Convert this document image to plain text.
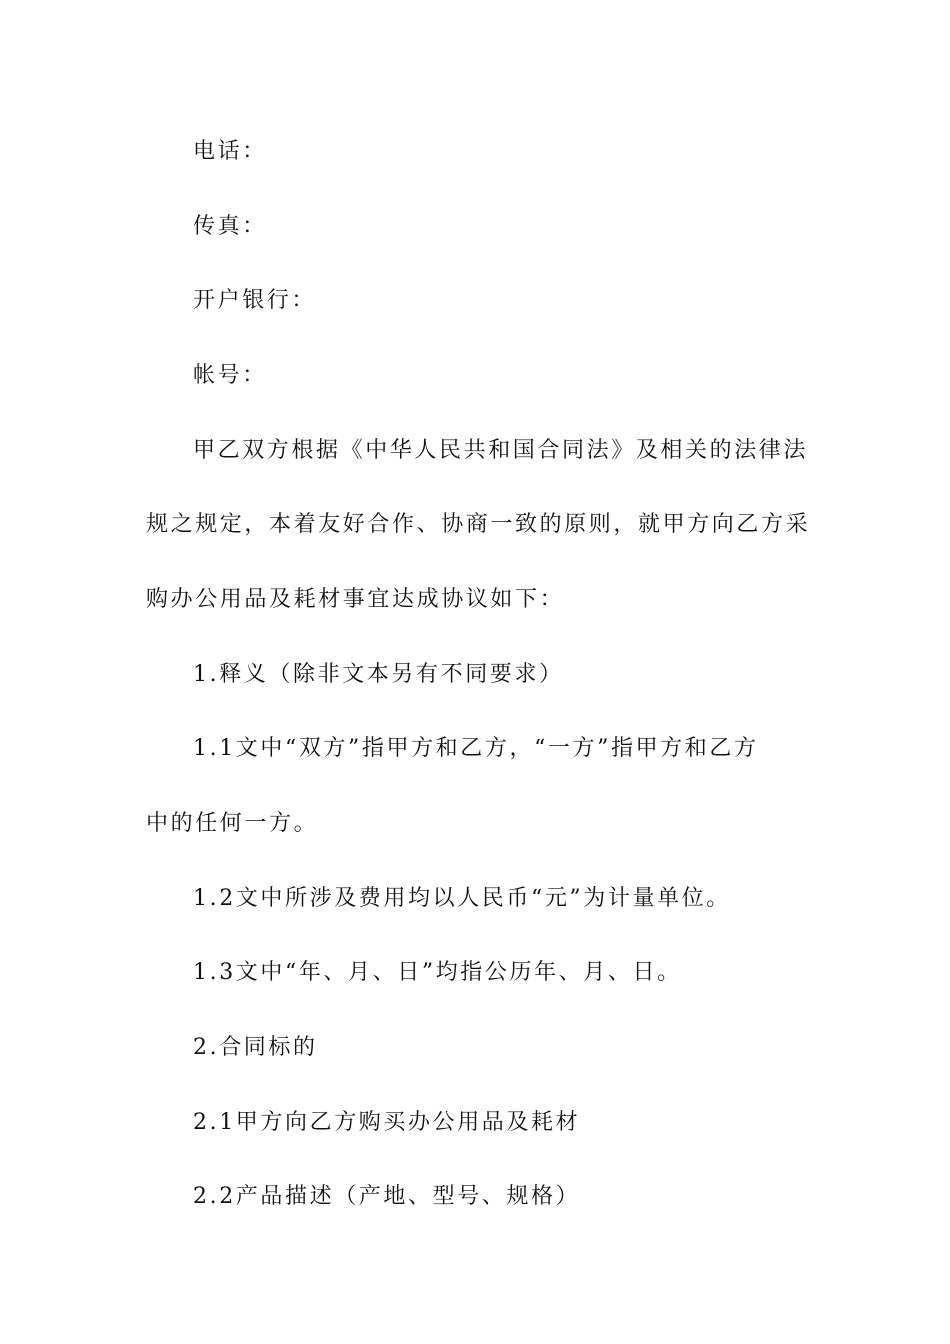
电话：
传真：
开户银行：
帐号：
甲乙双方根据《中华人民共和国合同法》及相关的法律法
规之规定，本着友好合作、协商一致的原则，就甲方向乙方采
购办公用品及耗材事宜达成协议如下：
1.释义（除非文本另有不同要求）
1.1文中“双方”指甲方和乙方，“一方”指甲方和乙方
中的任何一方。
1.2文中所涉及费用均以人民币“元”为计量单位。
1.3文中“年、月、日”均指公历年、月、日。
2.合同标的
2.1甲方向乙方购买办公用品及耗材
2.2产品描述（产地、型号、规格）
